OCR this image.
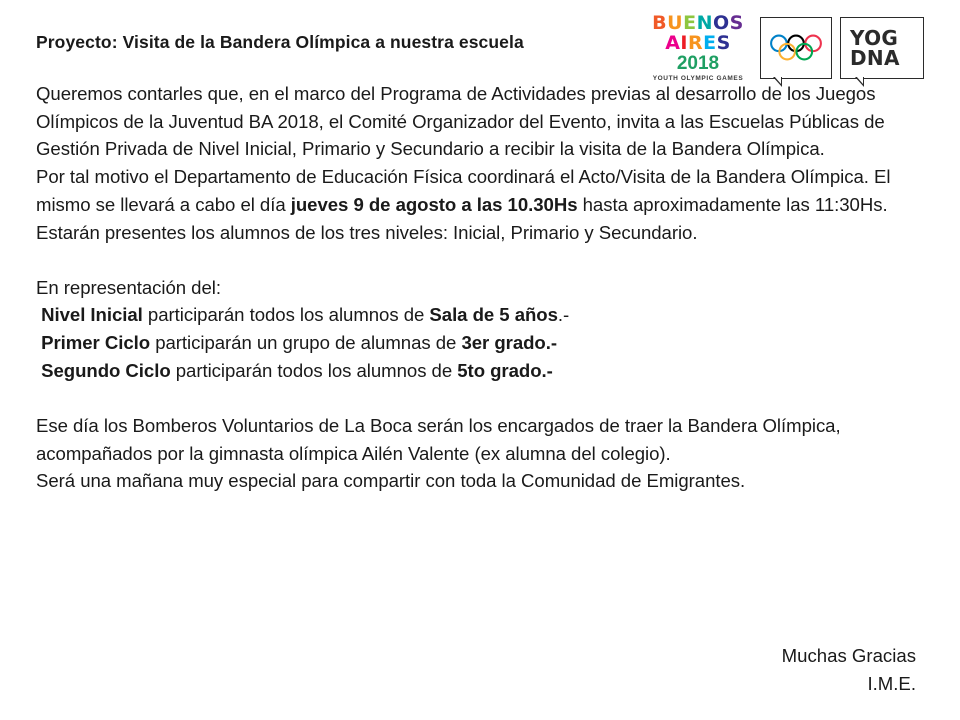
BUENOS
AIRES
2018
YOUTH OLYMPIC GAMES
YOG
DNA
Proyecto: Visita de la Bandera Olímpica a nuestra escuela

Queremos contarles que, en el marco del Programa de Actividades previas al desarrollo de los Juegos Olímpicos de la Juventud BA 2018, el Comité Organizador del Evento, invita a las Escuelas Públicas de Gestión Privada de Nivel Inicial, Primario y Secundario a recibir la visita de la Bandera Olímpica.

Por tal motivo el Departamento de Educación Física coordinará el Acto/Visita de la Bandera Olímpica. El mismo se llevará a cabo el día jueves 9 de agosto a las 10.30Hs hasta aproximadamente las 11:30Hs. Estarán presentes los alumnos de los tres niveles: Inicial, Primario y Secundario.

En representación del:

Nivel Inicial participarán todos los alumnos de Sala de 5 años.-

Primer Ciclo participarán un grupo de alumnas de 3er grado.-

Segundo Ciclo participarán todos los alumnos de 5to grado.-

Ese día los Bomberos Voluntarios de La Boca serán los encargados de traer la Bandera Olímpica, acompañados por la gimnasta olímpica Ailén Valente (ex alumna del colegio).

Será una mañana muy especial para compartir con toda la Comunidad de Emigrantes.

Muchas Gracias
I.M.E.
